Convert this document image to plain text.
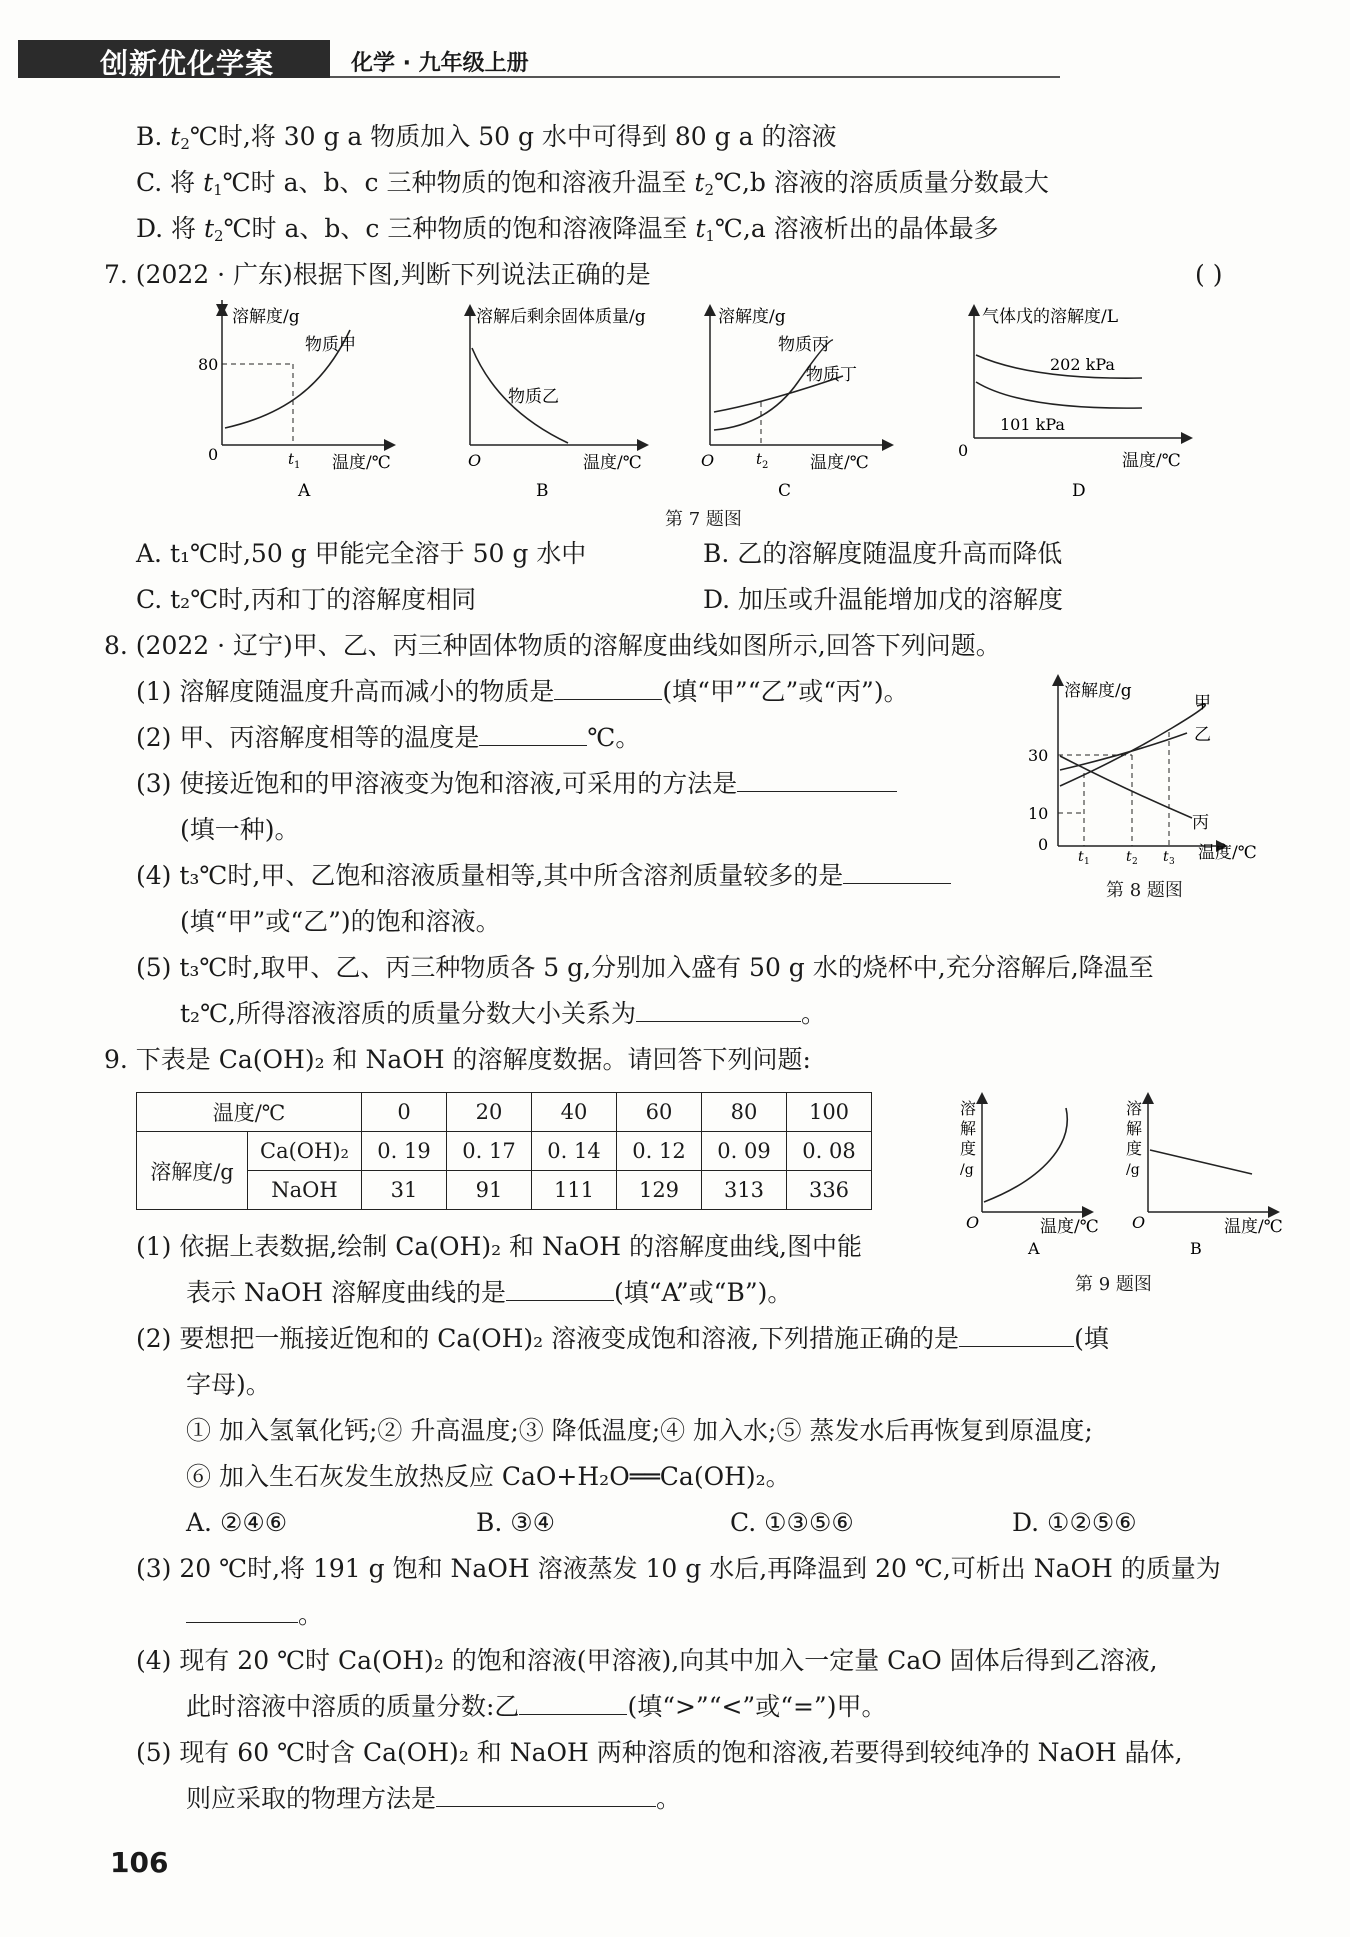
创新优化学案	化学 · 九年级上册
B. $t_2℃$时,将 30 g a 物质加入 50 g 水中可得到 80 g a 的溶液
C. 将 $t_1℃$时 a、b、c 三种物质的饱和溶液升温至 $t_2℃,b$ 溶液的溶质质量分数最大
D. 将 $t_2℃$时 a、b、c 三种物质的饱和溶液降温至 $t_1℃,a$ 溶液析出的晶体最多
7. (2022 · 广东)根据下图,判断下列说法正确的是	( )
溶解度/g
物质甲
80
0	t 1 温度/℃
A
溶解后剩余固体质量/g
物质乙
O	温度/℃
B
溶解度/g
物质丙
物质丁
O	t 2 温度/℃
C
气体戊的溶解度/L
202 kPa
101 kPa
0
温度/℃
D
第 7 题图
A. t₁℃时,50 g 甲能完全溶于 50 g 水中	B. 乙的溶解度随温度升高而降低
C. t₂℃时,丙和丁的溶解度相同	D. 加压或升温能增加戊的溶解度
8. (2022 · 辽宁)甲、乙、丙三种固体物质的溶解度曲线如图所示,回答下列问题。
(1) 溶解度随温度升高而减小的物质是	(填“甲”“乙”或“丙”)。
(2) 甲、丙溶解度相等的温度是	℃。
(3) 使接近饱和的甲溶液变为饱和溶液,可采用的方法是
(填一种)。
(4) t₃℃时,甲、乙饱和溶液质量相等,其中所含溶剂质量较多的是
(填“甲”或“乙”)的饱和溶液。
(5) t₃℃时,取甲、乙、丙三种物质各 5 g,分别加入盛有 50 g 水的烧杯中,充分溶解后,降温至
t₂℃,所得溶液溶质的质量分数大小关系为	。
溶解度/g
甲
乙
丙
30
10
0
t 1	t 2 t 3 温度/℃
第 8 题图
9. 下表是 Ca(OH)₂ 和 NaOH 的溶解度数据。请回答下列问题:
温度/℃		0	20	40	60	80	100
溶解度/g	Ca(OH)₂	0. 19	0. 17	0. 14	0. 12	0. 09	0. 08
	NaOH	31	91	111	129	313	336
溶
解
度
/g
O	温度/℃
A
溶
解
度
/g
O	温度/℃
B
第 9 题图
(1) 依据上表数据,绘制 Ca(OH)₂ 和 NaOH 的溶解度曲线,图中能
表示 NaOH 溶解度曲线的是	(填“A”或“B”)。
(2) 要想把一瓶接近饱和的 Ca(OH)₂ 溶液变成饱和溶液,下列措施正确的是	(填
字母)。
① 加入氢氧化钙;② 升高温度;③ 降低温度;④ 加入水;⑤ 蒸发水后再恢复到原温度;
⑥ 加入生石灰发生放热反应 CaO+H₂O══Ca(OH)₂。
A. ②④⑥	B. ③④	C. ①③⑤⑥	D. ①②⑤⑥
(3) 20 ℃时,将 191 g 饱和 NaOH 溶液蒸发 10 g 水后,再降温到 20 ℃,可析出 NaOH 的质量为
。
(4) 现有 20 ℃时 Ca(OH)₂ 的饱和溶液(甲溶液),向其中加入一定量 CaO 固体后得到乙溶液,
此时溶液中溶质的质量分数:乙	(填“>”“<”或“=”)甲。
(5) 现有 60 ℃时含 Ca(OH)₂ 和 NaOH 两种溶质的饱和溶液,若要得到较纯净的 NaOH 晶体,
则应采取的物理方法是	。
106
